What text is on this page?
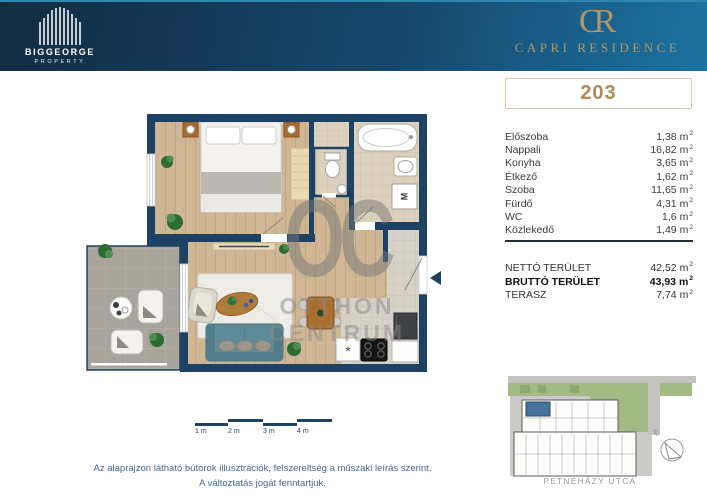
BIGGEORGE
PROPERTY
CR
CAPRI RESIDENCE
203
Előszoba	1,38 $m^2$
Nappali	16,82 $m^2$
Konyha	3,65 $m^2$
Étkező	1,62 $m^2$
Szoba	11,65 $m^2$
Fürdő	4,31 $m^2$
WC	1,6 $m^2$
Közlekedő	1,49 $m^2$
NETTÓ TERÜLET	42,52 $m^2$
BRUTTÓ TERÜLET	43,93 $m^2$
TERASZ	7,74 $m^2$
M
*
OC
OTTHON
CENTRUM
1 m	2 m	3 m	4 m
Az alaprajzon látható bútorok illusztrációk, felszereltség a műszaki leírás szerint.
A változtatás jogát fenntartjuk.
É
PETNEHÁZY UTCA
